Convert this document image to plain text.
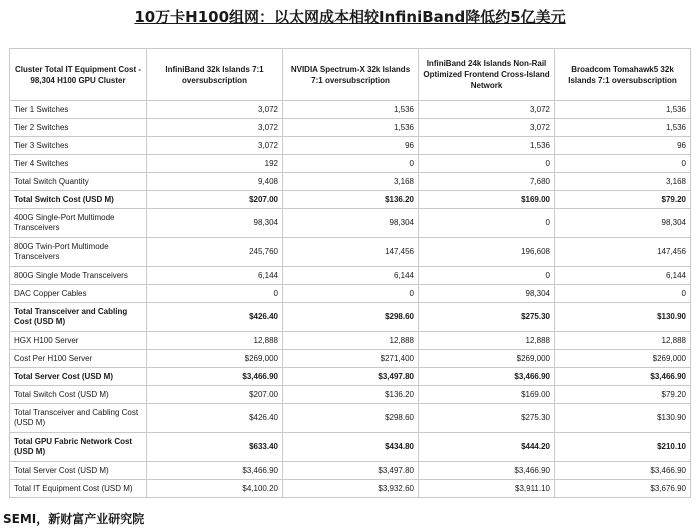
10万卡H100组网：以太网成本相较InfiniBand降低约5亿美元
Cluster Total IT Equipment Cost - 98,304 H100 GPU Cluster	InfiniBand 32k Islands 7:1 oversubscription	NVIDIA Spectrum-X 32k Islands 7:1 oversubscription	InfiniBand 24k Islands Non-Rail Optimized Frontend Cross-Island Network	Broadcom Tomahawk5 32k Islands 7:1 oversubscription
Tier 1 Switches	3,072	1,536	3,072	1,536
Tier 2 Switches	3,072	1,536	3,072	1,536
Tier 3 Switches	3,072	96	1,536	96
Tier 4 Switches	192	0	0	0
Total Switch Quantity	9,408	3,168	7,680	3,168
Total Switch Cost (USD M)	$207.00	$136.20	$169.00	$79.20
400G Single-Port Multimode Transceivers	98,304	98,304	0	98,304
800G Twin-Port Multimode Transceivers	245,760	147,456	196,608	147,456
800G Single Mode Transceivers	6,144	6,144	0	6,144
DAC Copper Cables	0	0	98,304	0
Total Transceiver and Cabling Cost (USD M)	$426.40	$298.60	$275.30	$130.90
HGX H100 Server	12,888	12,888	12,888	12,888
Cost Per H100 Server	$269,000	$271,400	$269,000	$269,000
Total Server Cost (USD M)	$3,466.90	$3,497.80	$3,466.90	$3,466.90
Total Switch Cost (USD M)	$207.00	$136.20	$169.00	$79.20
Total Transceiver and Cabling Cost (USD M)	$426.40	$298.60	$275.30	$130.90
Total GPU Fabric Network Cost (USD M)	$633.40	$434.80	$444.20	$210.10
Total Server Cost (USD M)	$3,466.90	$3,497.80	$3,466.90	$3,466.90
Total IT Equipment Cost (USD M)	$4,100.20	$3,932.60	$3,911.10	$3,676.90
SEMI，新财富产业研究院
